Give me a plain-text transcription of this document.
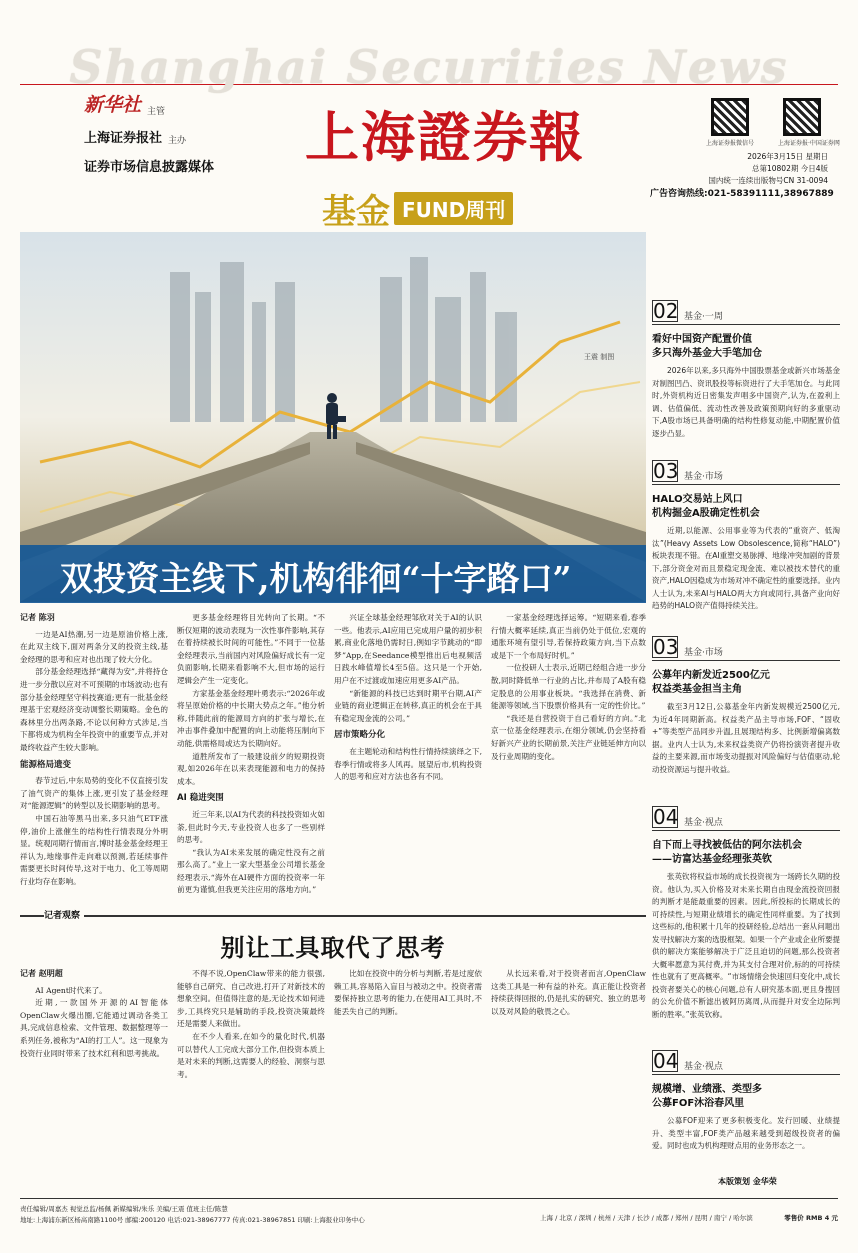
Shanghai Securities News
新华社 主管
上海证券报社 主办
证券市场信息披露媒体	上海證券報
基金 FUND周刊
上海证券报微信号	上海证券报·中国证券网
2026年3月15日 星期日
总第10802期 今日4版
国内统一连续出版物号CN 31-0094
广告咨询热线:021-58391111,38967889
王震 制图
双投资主线下,机构徘徊“十字路口”
02 基金·一周
看好中国资产配置价值
多只海外基金大手笔加仓
2026年以来,多只海外中国股票基金或新兴市场基金对制图凹凸、资讯股投等标资进行了大手笔加仓。与此同时,外资机构近日密集发声唱多中国资产,认为,在盈利上调、估值偏低、流动性改善及政策预期向好的多重驱动下,A股市场已具备明确的结构性修复动能,中期配置价值逐步凸显。
03 基金·市场
HALO交易站上风口
机构掘金A股确定性机会
近期,以能源、公用事业等为代表的“重资产、低淘汰”(Heavy Assets Low Obsolescence,简称“HALO”)板块表现不错。在AI重塑交易脉搏、地缘冲突加剧的背景下,部分资金对而且景稳定现金流、难以被技术替代的重资产,HALO因稳成为市场对冲不确定性的重要选择。业内人士认为,未来AI与HALO两大方向或同行,具备产业向好趋势的HALO资产值得持续关注。
03 基金·市场
公募年内新发近2500亿元
权益类基金担当主角
截至3月12日,公募基金年内新发规模近2500亿元,为近4年同期新高。权益类产品主导市场,FOF、“固收+”等类型产品同步升温,且展现结构多、比例新增偏离数据。业内人士认为,未来权益类资产仍将扮演资者提升收益的主要来源,而市场变动提振对风险偏好与估值驱动,轮动投资源运与提升收益。
04 基金·视点
自下而上寻找被低估的阿尔法机会
——访富达基金经理张英钦
张英钦将权益市场的成长投资视为一场跨长久期的投资。他认为,买入价格及对未来长期自由现金流投资回报的判断才是能最重要的因素。因此,所投标的长期成长的可持续性,与短期业绩增长的确定性同样重要。为了找到这些标的,他积累十几年的投研经验,总结出一套从问题出发寻找解决方案的选股框架。如果一个产业或企业所要提供的解决方案能够解决于广泛且迫切的问题,那么投资者大概率愿意为其付费,并为其支付合理对价,标的的可持续性也就有了更高概率。“市场情绪会快速回归变化中,成长投资者要关心的核心问题,总有人研究基本面,更且身搜回的公允价值不断滤出被阿历离周,从而提升对安全边际判断的胜率。”张英钦称。
04 基金·视点
规模增、业绩涨、类型多
公募FOF沐浴春风里
公募FOF迎来了更多积极变化。发行回暖、业绩提升、类型丰富,FOF类产品越来越受到超级投资者的偏爱。同时也成为机构理财点用的业务形态之一。

记者 陈羽

一边是AI热潮,另一边是原油价格上涨,在此双主线下,面对两条分叉的投资主线,基金经理的思考和应对也出现了较大分化。

部分基金经理选择“藏得为安”,并将持仓进一步分散以应对不可预期的市场波动;也有部分基金经理坚守科技赛道;更有一批基金经理基于宏观经济变动调整长期策略。金色的森林里分出两条路,不论以何种方式涉足,当下都将成为机构全年投资中的重要节点,并对最终收益产生较大影响。

能源格局遗变

春节过后,中东局势的变化不仅直接引发了油气资产的集体上涨,更引发了基金经理对“能源逻辑”的转型以及长期影响的思考。

中国石油等黑马出来,多只油气ETF涨停,油价上涨催生的结构性行情表现分外明显。统观同期行情而言,博时基金基金经理王祥认为,地缘事件走向难以预测,若延续事件需要更长时间传导,这对于电力、化工等周期行业均存在影响。

更多基金经理将目光转向了长期。“不断仅短期的波动表现为一次性事件影响,其存在着持续被长时间的可能性。”不同于一位基金经理表示,当前国内对风险偏好成长有一定负面影响,长期来看影响不大,但市场的运行逻辑会产生一定变化。

方家基金基金经理叶勇表示:“2026年或将呈原始价格的中长期大势点之年。”他分析称,伴随此前的能源局方向的扩张与增长,在冲击事件叠加中配置的向上动能将压制向下动能,供需格局或达为长期向好。

道胜所发布了一般建设前夕的短期投资观,如2026年在以来表现能源和电力的保持成本。

AI 稳进突围

近三年来,以AI为代表的科技投资如火如荼,但此时今天,专业投资人也多了一些别样的思考。

“我认为AI未来发展的确定性没有之前那么高了。”业上一家大型基金公司增长基金经理表示,“海外在AI硬件方面的投资率一年前更为谨慎,但我更关注应用的落地方向。”

兴证全球基金经理邹欣对关于AI的认识一些。他表示,AI应用已完成用户量的初步积累,商业化落地仍需时日,例如字节跳动的“即梦”App,在Seedance模型推出后电视频活日践水峰值增长4至5倍。这只是一个开始,用户在不过渡或加速应用更多AI产品。

“新能源的科技已达到时期平台期,AI产业链的商业逻辑正在转移,真正的机会在于具有稳定现金流的公司。”

居市策略分化

在主题轮动和结构性行情持续演绎之下,春季行情或将多人风再。展望后市,机构投资人的思考和应对方法也各有不同。

一家基金经理选择运筹。“短期来看,春季行情大概率延续,真正当前仍处于低位,宏观的通胀环境有望引导,若保持政策方向,当下点数或是下一个布局好时机。”

一位投研人士表示,近期已经组合进一步分散,同时降低单一行业的占比,并布局了A股有稳定股息的公用事业板块。“我选择在消费、新能源等领域,当下股票价格具有一定的性价比。”

“我还是自营投资于自己看好的方向。”北京一位基金经理表示,在细分领域,仍会坚持看好新兴产业的长期前景,关注产业链延伸方向以及行业周期的变化。

记者观察
别让工具取代了思考

记者 赵明超

AI Agent时代来了。

近期,一款国外开源的AI智能体OpenClaw火爆出圈,它能通过调动各类工具,完成信息检索、文件管理、数据整理等一系列任务,被称为“AI的打工人”。这一现象为投资行业同时带来了技术红利和思考挑战。

不得不说,OpenClaw带来的能力很强,能够自己研究、自己改进,打开了对新技术的想象空间。但值得注意的是,无论技术如何进步,工具终究只是辅助的手段,投资决策最终还是需要人来做出。

在不少人看来,在如今的量化时代,机器可以替代人工完成大部分工作,但投资本质上是对未来的判断,这需要人的经验、洞察与思考。

比如在投资中的分析与判断,若是过度依赖工具,容易陷入盲目与被动之中。投资者需要保持独立思考的能力,在使用AI工具时,不能丢失自己的判断。

从长远来看,对于投资者而言,OpenClaw这类工具是一种有益的补充。真正能让投资者持续获得回报的,仍是扎实的研究、独立的思考以及对风险的敬畏之心。

本版策划 金华荣
责任编辑/周嘉杰 视觉总监/杨佩 新媒编辑/朱乐 美编/王震 值班主任/陈慧
地址:上海浦东新区杨高南路1100号 邮编:200120 电话:021-38967777 传真:021-38967851 印刷:上海报业印务中心	上海 / 北京 / 深圳 / 杭州 / 天津 / 长沙 / 成都 / 郑州 / 昆明 / 南宁 / 哈尔滨	零售价 RMB 4 元
